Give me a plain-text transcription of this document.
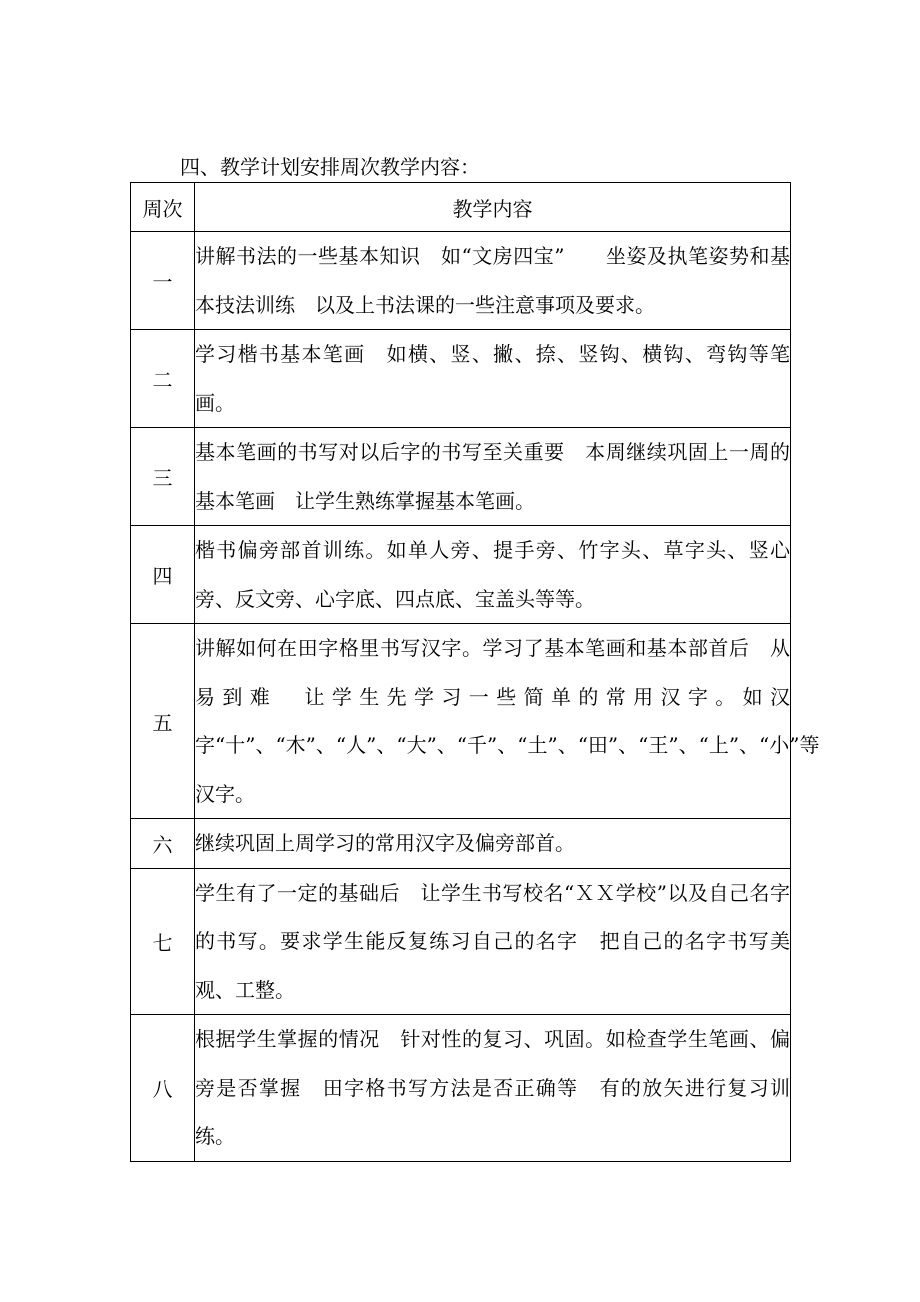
四、教学计划安排周次教学内容：
周次	教学内容
一	讲解书法的一些基本知识　如“文房四宝”　　坐姿及执笔姿势和基本技法训练　以及上书法课的一些注意事项及要求。
二	学习楷书基本笔画　如横、竖、撇、捺、竖钩、横钩、弯钩等笔画。
三	基本笔画的书写对以后字的书写至关重要　本周继续巩固上一周的基本笔画　让学生熟练掌握基本笔画。
四	楷书偏旁部首训练。如单人旁、提手旁、竹字头、草字头、竖心旁、反文旁、心字底、四点底、宝盖头等等。
五	讲解如何在田字格里书写汉字。学习了基本笔画和基本部首后　从易到难　让学生先学习一些简单的常用汉字。如汉字“十”、“木”、“人”、“大”、“千”、“土”、“田”、“王”、“上”、“小”等汉字。
六	继续巩固上周学习的常用汉字及偏旁部首。
七	学生有了一定的基础后　让学生书写校名“ＸＸ学校”以及自己名字的书写。要求学生能反复练习自己的名字　把自己的名字书写美观、工整。
八	根据学生掌握的情况　针对性的复习、巩固。如检查学生笔画、偏旁是否掌握　田字格书写方法是否正确等　有的放矢进行复习训练。
